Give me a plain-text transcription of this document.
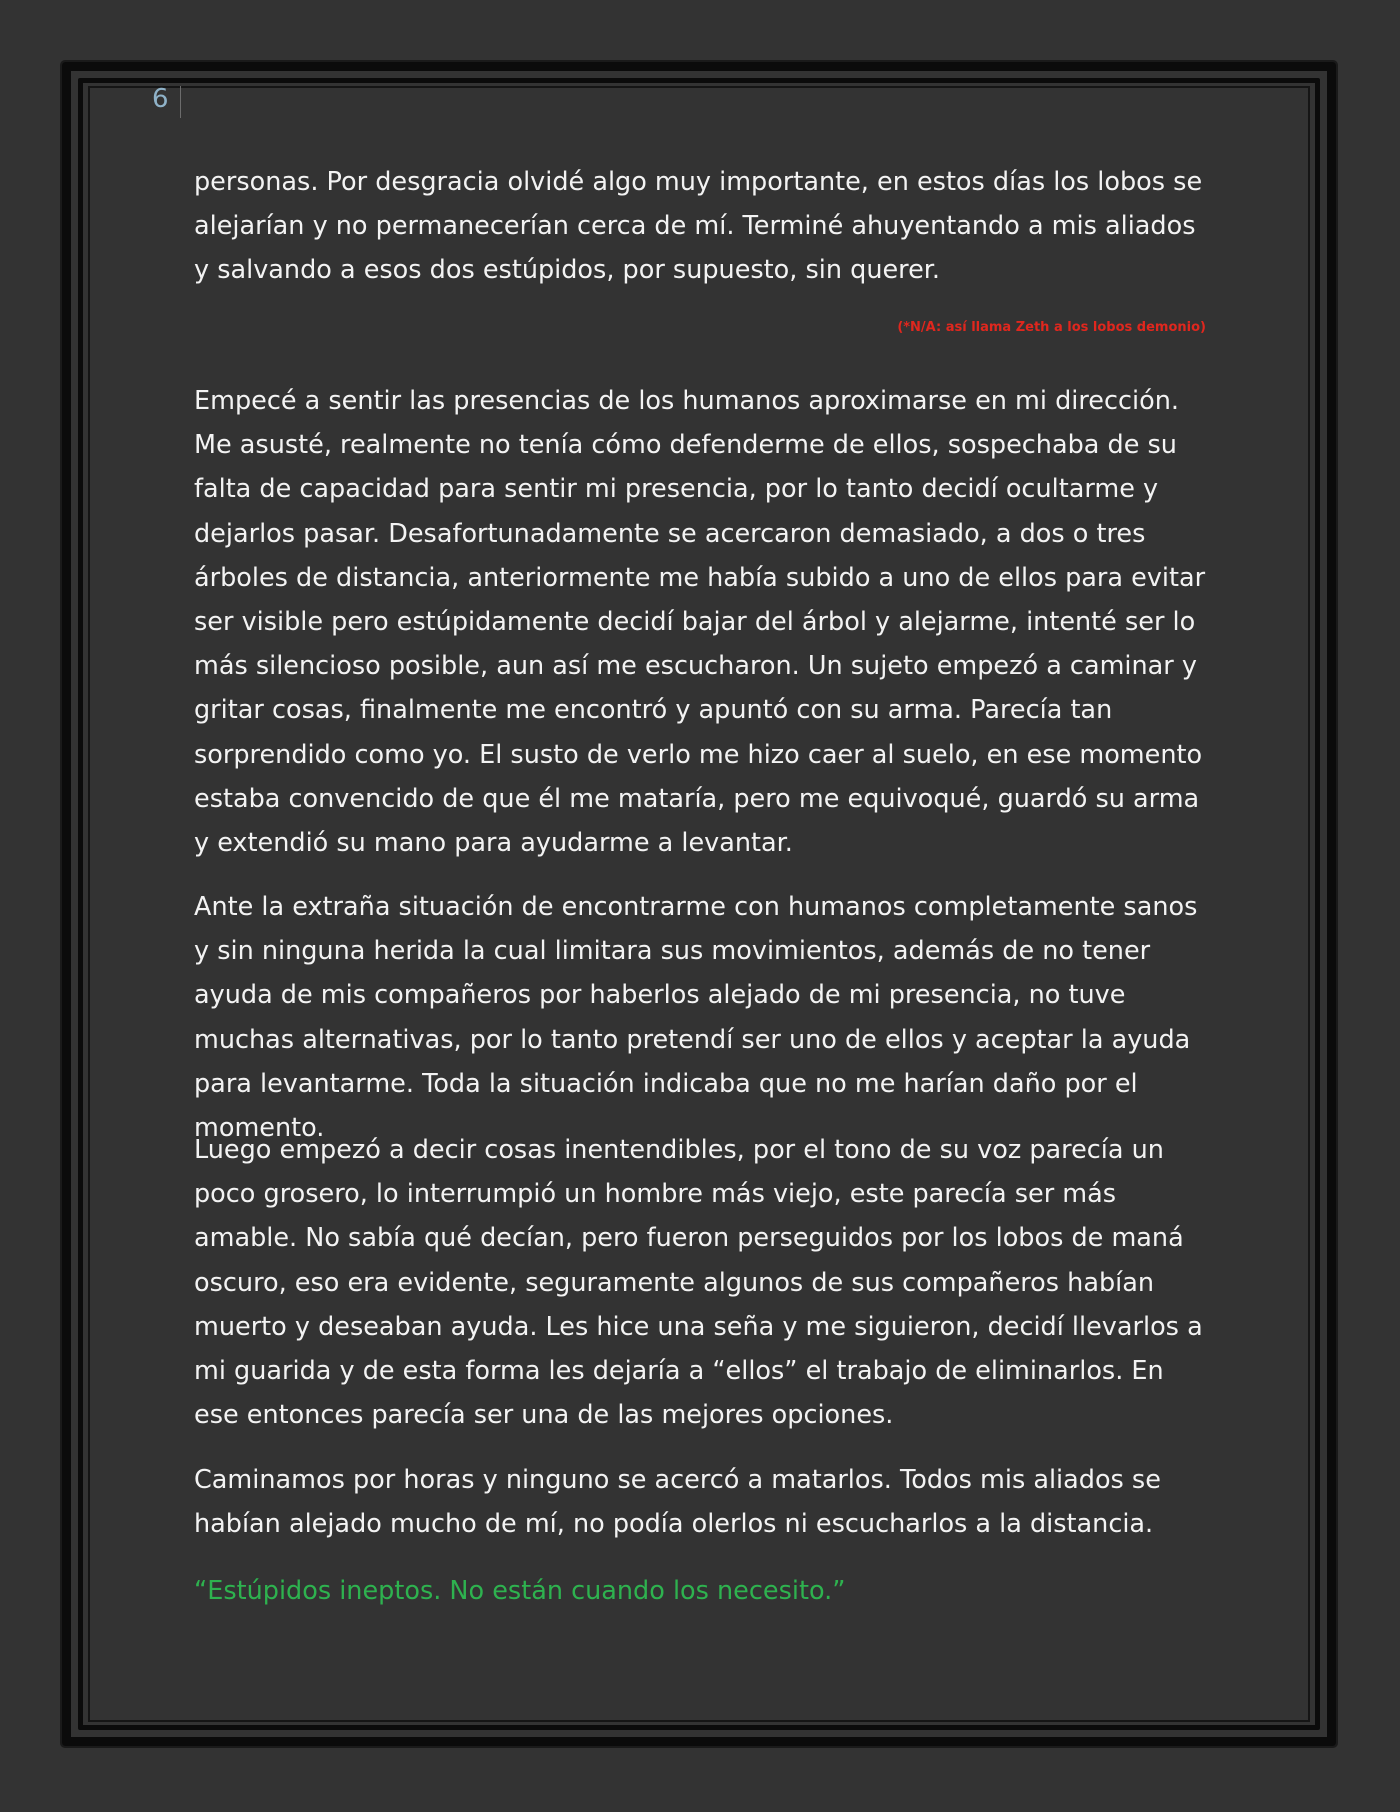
6

personas. Por desgracia olvidé algo muy importante, en estos días los lobos se alejarían y no permanecerían cerca de mí. Terminé ahuyentando a mis aliados y salvando a esos dos estúpidos, por supuesto, sin querer.

(*N/A: así llama Zeth a los lobos demonio)

Empecé a sentir las presencias de los humanos aproximarse en mi dirección. Me asusté, realmente no tenía cómo defenderme de ellos, sospechaba de su falta de capacidad para sentir mi presencia, por lo tanto decidí ocultarme y dejarlos pasar. Desafortunadamente se acercaron demasiado, a dos o tres árboles de distancia, anteriormente me había subido a uno de ellos para evitar ser visible pero estúpidamente decidí bajar del árbol y alejarme, intenté ser lo más silencioso posible, aun así me escucharon. Un sujeto empezó a caminar y gritar cosas, finalmente me encontró y apuntó con su arma. Parecía tan sorprendido como yo. El susto de verlo me hizo caer al suelo, en ese momento estaba convencido de que él me mataría, pero me equivoqué, guardó su arma y extendió su mano para ayudarme a levantar.

Ante la extraña situación de encontrarme con humanos completamente sanos y sin ninguna herida la cual limitara sus movimientos, además de no tener ayuda de mis compañeros por haberlos alejado de mi presencia, no tuve muchas alternativas, por lo tanto pretendí ser uno de ellos y aceptar la ayuda para levantarme. Toda la situación indicaba que no me harían daño por el momento.

Luego empezó a decir cosas inentendibles, por el tono de su voz parecía un poco grosero, lo interrumpió un hombre más viejo, este parecía ser más amable. No sabía qué decían, pero fueron perseguidos por los lobos de maná oscuro, eso era evidente, seguramente algunos de sus compañeros habían muerto y deseaban ayuda. Les hice una seña y me siguieron, decidí llevarlos a mi guarida y de esta forma les dejaría a “ellos” el trabajo de eliminarlos. En ese entonces parecía ser una de las mejores opciones.

Caminamos por horas y ninguno se acercó a matarlos. Todos mis aliados se habían alejado mucho de mí, no podía olerlos ni escucharlos a la distancia.

“Estúpidos ineptos. No están cuando los necesito.”
